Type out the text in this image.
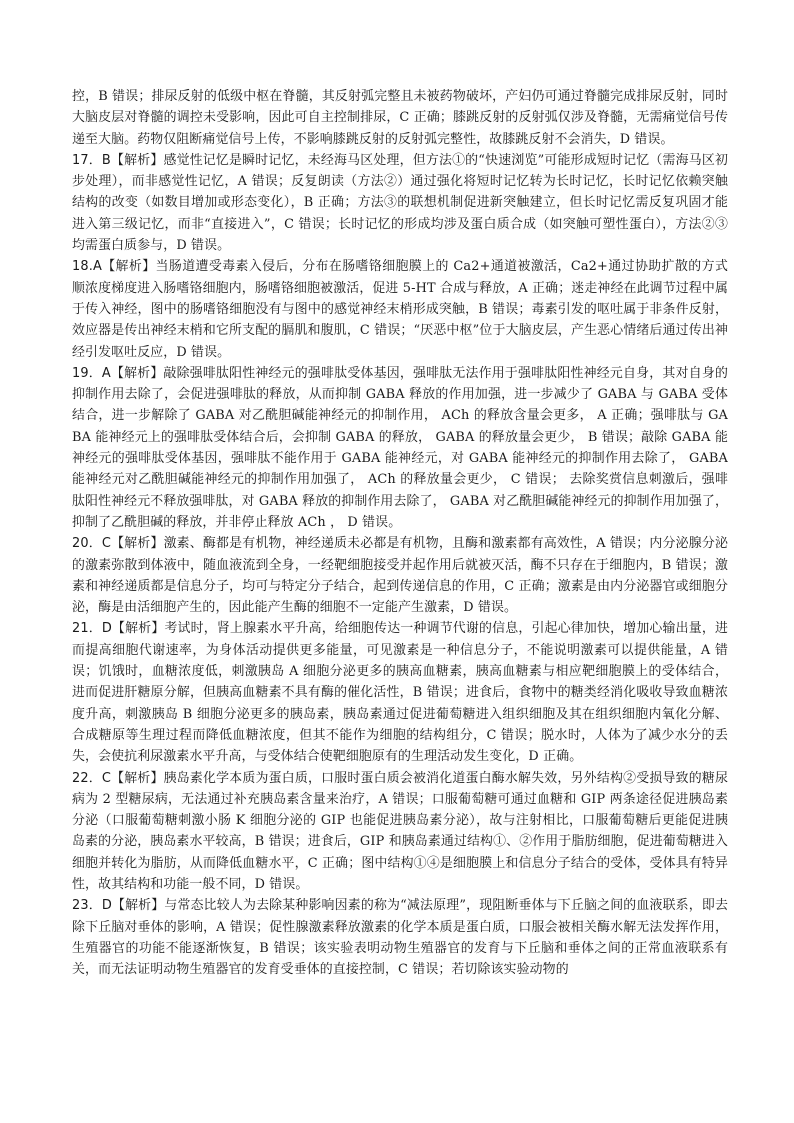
控，B 错误；排尿反射的低级中枢在脊髓，其反射弧完整且未被药物破坏，产妇仍可通过脊髓完成排尿反射，同时大脑皮层对脊髓的调控未受影响，因此可自主控制排尿，C 正确；膝跳反射的反射弧仅涉及脊髓，无需痛觉信号传递至大脑。药物仅阻断痛觉信号上传，不影响膝跳反射的反射弧完整性，故膝跳反射不会消失，D 错误。

17．B【解析】感觉性记忆是瞬时记忆，未经海马区处理，但方法①的“快速浏览”可能形成短时记忆（需海马区初步处理），而非感觉性记忆，A 错误；反复朗读（方法②）通过强化将短时记忆转为长时记忆，长时记忆依赖突触结构的改变（如数目增加或形态变化），B 正确；方法③的联想机制促进新突触建立，但长时记忆需反复巩固才能进入第三级记忆，而非“直接进入”，C 错误；长时记忆的形成均涉及蛋白质合成（如突触可塑性蛋白），方法②③均需蛋白质参与，D 错误。

18.A【解析】当肠道遭受毒素入侵后，分布在肠嗜铬细胞膜上的 Ca2+通道被激活，Ca2+通过协助扩散的方式顺浓度梯度进入肠嗜铬细胞内，肠嗜铬细胞被激活，促进 5-HT 合成与释放，A 正确；迷走神经在此调节过程中属于传入神经，图中的肠嗜铬细胞没有与图中的感觉神经末梢形成突触，B 错误；毒素引发的呕吐属于非条件反射，效应器是传出神经末梢和它所支配的膈肌和腹肌，C 错误；“厌恶中枢”位于大脑皮层，产生恶心情绪后通过传出神经引发呕吐反应，D 错误。

19．A【解析】敲除强啡肽阳性神经元的强啡肽受体基因，强啡肽无法作用于强啡肽阳性神经元自身，其对自身的抑制作用去除了，会促进强啡肽的释放，从而抑制 GABA 释放的作用加强，进一步减少了 GABA 与 GABA 受体结合，进一步解除了 GABA 对乙酰胆碱能神经元的抑制作用， ACh 的释放含量会更多， A 正确；强啡肽与 GABA 能神经元上的强啡肽受体结合后，会抑制 GABA 的释放， GABA 的释放量会更少， B 错误；敲除 GABA 能神经元的强啡肽受体基因，强啡肽不能作用于 GABA 能神经元，对 GABA 能神经元的抑制作用去除了， GABA 能神经元对乙酰胆碱能神经元的抑制作用加强了， ACh 的释放量会更少， C 错误； 去除奖赏信息刺激后，强啡肽阳性神经元不释放强啡肽，对 GABA 释放的抑制作用去除了， GABA 对乙酰胆碱能神经元的抑制作用加强了，抑制了乙酰胆碱的释放，并非停止释放 ACh ， D 错误。

20．C【解析】激素、酶都是有机物，神经递质未必都是有机物，且酶和激素都有高效性，A 错误；内分泌腺分泌的激素弥散到体液中，随血液流到全身，一经靶细胞接受并起作用后就被灭活，酶不只存在于细胞内，B 错误；激素和神经递质都是信息分子，均可与特定分子结合，起到传递信息的作用，C 正确；激素是由内分泌器官或细胞分泌，酶是由活细胞产生的，因此能产生酶的细胞不一定能产生激素，D 错误。

21．D【解析】考试时，肾上腺素水平升高，给细胞传达一种调节代谢的信息，引起心律加快，增加心输出量，进而提高细胞代谢速率，为身体活动提供更多能量，可见激素是一种信息分子，不能说明激素可以提供能量，A 错误；饥饿时，血糖浓度低，刺激胰岛 A 细胞分泌更多的胰高血糖素，胰高血糖素与相应靶细胞膜上的受体结合，进而促进肝糖原分解，但胰高血糖素不具有酶的催化活性，B 错误；进食后，食物中的糖类经消化吸收导致血糖浓度升高，刺激胰岛 B 细胞分泌更多的胰岛素，胰岛素通过促进葡萄糖进入组织细胞及其在组织细胞内氧化分解、合成糖原等生理过程而降低血糖浓度，但其不能作为细胞的结构组分，C 错误；脱水时，人体为了减少水分的丢失，会使抗利尿激素水平升高，与受体结合使靶细胞原有的生理活动发生变化，D 正确。

22．C【解析】胰岛素化学本质为蛋白质，口服时蛋白质会被消化道蛋白酶水解失效，另外结构②受损导致的糖尿病为 2 型糖尿病，无法通过补充胰岛素含量来治疗，A 错误；口服葡萄糖可通过血糖和 GIP 两条途径促进胰岛素分泌（口服葡萄糖刺激小肠 K 细胞分泌的 GIP 也能促进胰岛素分泌），故与注射相比，口服葡萄糖后更能促进胰岛素的分泌，胰岛素水平较高，B 错误；进食后，GIP 和胰岛素通过结构①、②作用于脂肪细胞，促进葡萄糖进入细胞并转化为脂肪，从而降低血糖水平，C 正确；图中结构①④是细胞膜上和信息分子结合的受体，受体具有特异性，故其结构和功能一般不同，D 错误。

23．D【解析】与常态比较人为去除某种影响因素的称为“减法原理”，现阻断垂体与下丘脑之间的血液联系，即去除下丘脑对垂体的影响，A 错误；促性腺激素释放激素的化学本质是蛋白质，口服会被相关酶水解无法发挥作用，生殖器官的功能不能逐渐恢复，B 错误；该实验表明动物生殖器官的发育与下丘脑和垂体之间的正常血液联系有关，而无法证明动物生殖器官的发育受垂体的直接控制，C 错误；若切除该实验动物的
